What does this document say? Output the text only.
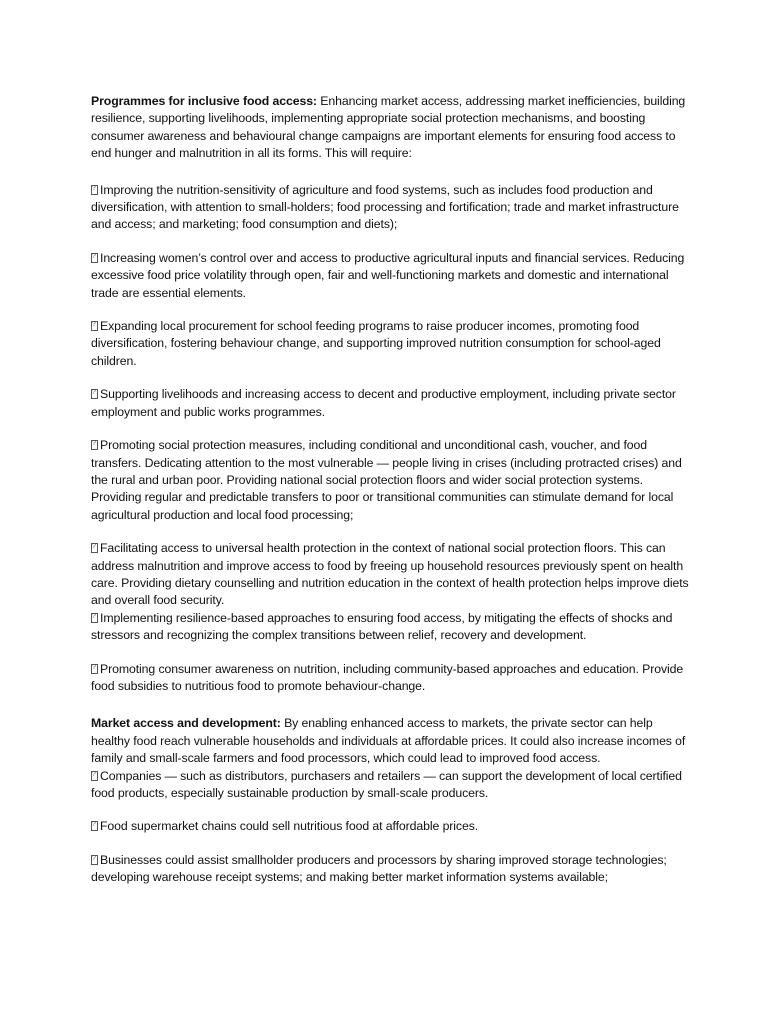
Programmes for inclusive food access: Enhancing market access, addressing market inefficiencies, building resilience, supporting livelihoods, implementing appropriate social protection mechanisms, and boosting consumer awareness and behavioural change campaigns are important elements for ensuring food access to end hunger and malnutrition in all its forms. This will require:

?Improving the nutrition-sensitivity of agriculture and food systems, such as includes food production and diversification, with attention to small-holders; food processing and fortification; trade and market infrastructure and access; and marketing; food consumption and diets);

?Increasing women’s control over and access to productive agricultural inputs and financial services. Reducing excessive food price volatility through open, fair and well-functioning markets and domestic and international trade are essential elements.

?Expanding local procurement for school feeding programs to raise producer incomes, promoting food diversification, fostering behaviour change, and supporting improved nutrition consumption for school-aged children.

?Supporting livelihoods and increasing access to decent and productive employment, including private sector employment and public works programmes.

?Promoting social protection measures, including conditional and unconditional cash, voucher, and food transfers. Dedicating attention to the most vulnerable — people living in crises (including protracted crises) and the rural and urban poor. Providing national social protection floors and wider social protection systems. Providing regular and predictable transfers to poor or transitional communities can stimulate demand for local agricultural production and local food processing;

?Facilitating access to universal health protection in the context of national social protection floors. This can address malnutrition and improve access to food by freeing up household resources previously spent on health care. Providing dietary counselling and nutrition education in the context of health protection helps improve diets and overall food security.

?Implementing resilience-based approaches to ensuring food access, by mitigating the effects of shocks and stressors and recognizing the complex transitions between relief, recovery and development.

?Promoting consumer awareness on nutrition, including community-based approaches and education. Provide food subsidies to nutritious food to promote behaviour-change.

Market access and development: By enabling enhanced access to markets, the private sector can help healthy food reach vulnerable households and individuals at affordable prices. It could also increase incomes of family and small-scale farmers and food processors, which could lead to improved food access.

?Companies — such as distributors, purchasers and retailers — can support the development of local certified food products, especially sustainable production by small-scale producers.

?Food supermarket chains could sell nutritious food at affordable prices.

?Businesses could assist smallholder producers and processors by sharing improved storage technologies; developing warehouse receipt systems; and making better market information systems available;
